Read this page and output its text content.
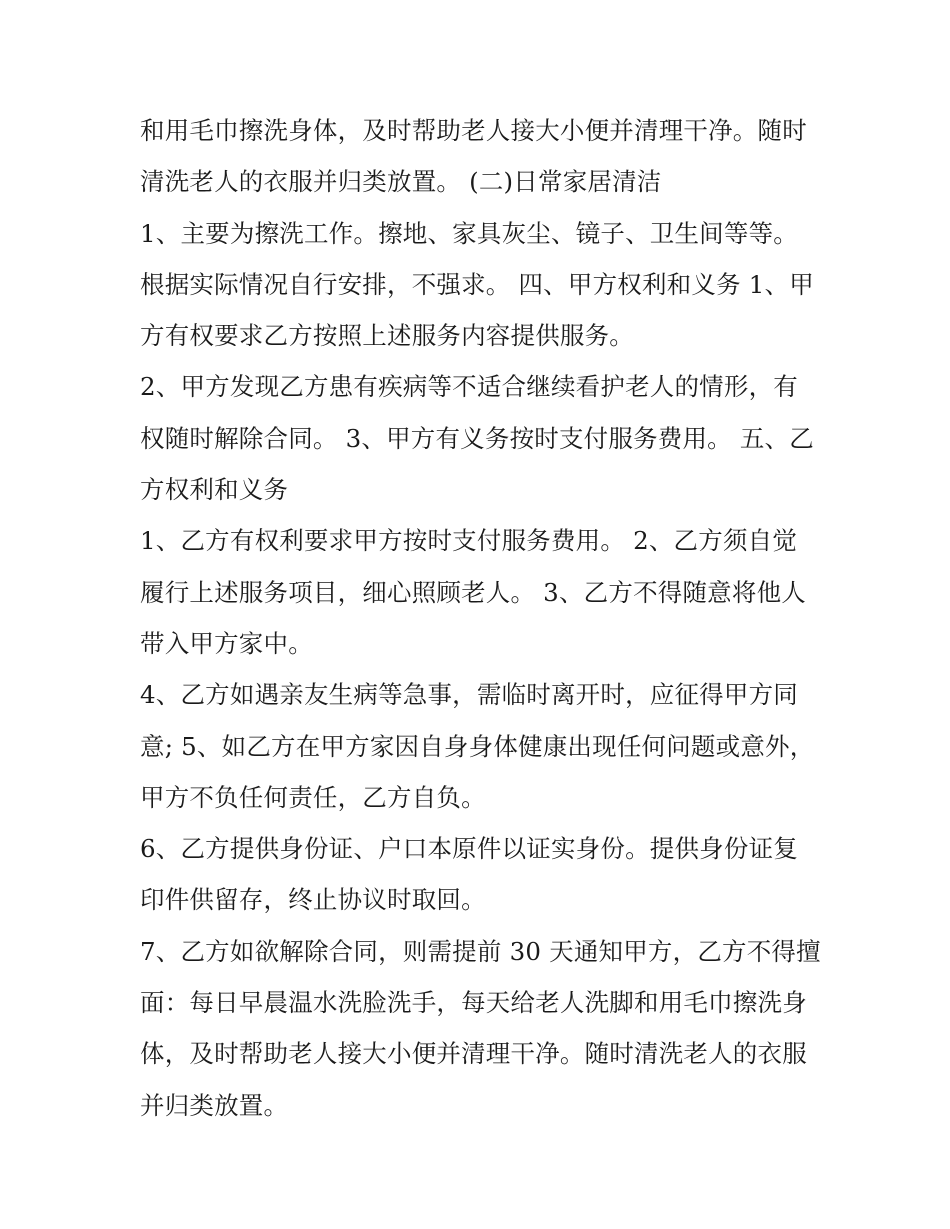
和用毛巾擦洗身体，及时帮助老人接大小便并清理干净。随时
清洗老人的衣服并归类放置。 (二)日常家居清洁
1、主要为擦洗工作。擦地、家具灰尘、镜子、卫生间等等。
根据实际情况自行安排，不强求。 四、甲方权利和义务 1、甲
方有权要求乙方按照上述服务内容提供服务。
2、甲方发现乙方患有疾病等不适合继续看护老人的情形，有
权随时解除合同。 3、甲方有义务按时支付服务费用。 五、乙
方权利和义务
1、乙方有权利要求甲方按时支付服务费用。 2、乙方须自觉
履行上述服务项目，细心照顾老人。 3、乙方不得随意将他人
带入甲方家中。
4、乙方如遇亲友生病等急事，需临时离开时，应征得甲方同
意; 5、如乙方在甲方家因自身身体健康出现任何问题或意外，
甲方不负任何责任，乙方自负。
6、乙方提供身份证、户口本原件以证实身份。提供身份证复
印件供留存，终止协议时取回。
7、乙方如欲解除合同，则需提前 30 天通知甲方，乙方不得擅
面：每日早晨温水洗脸洗手，每天给老人洗脚和用毛巾擦洗身
体，及时帮助老人接大小便并清理干净。随时清洗老人的衣服
并归类放置。
